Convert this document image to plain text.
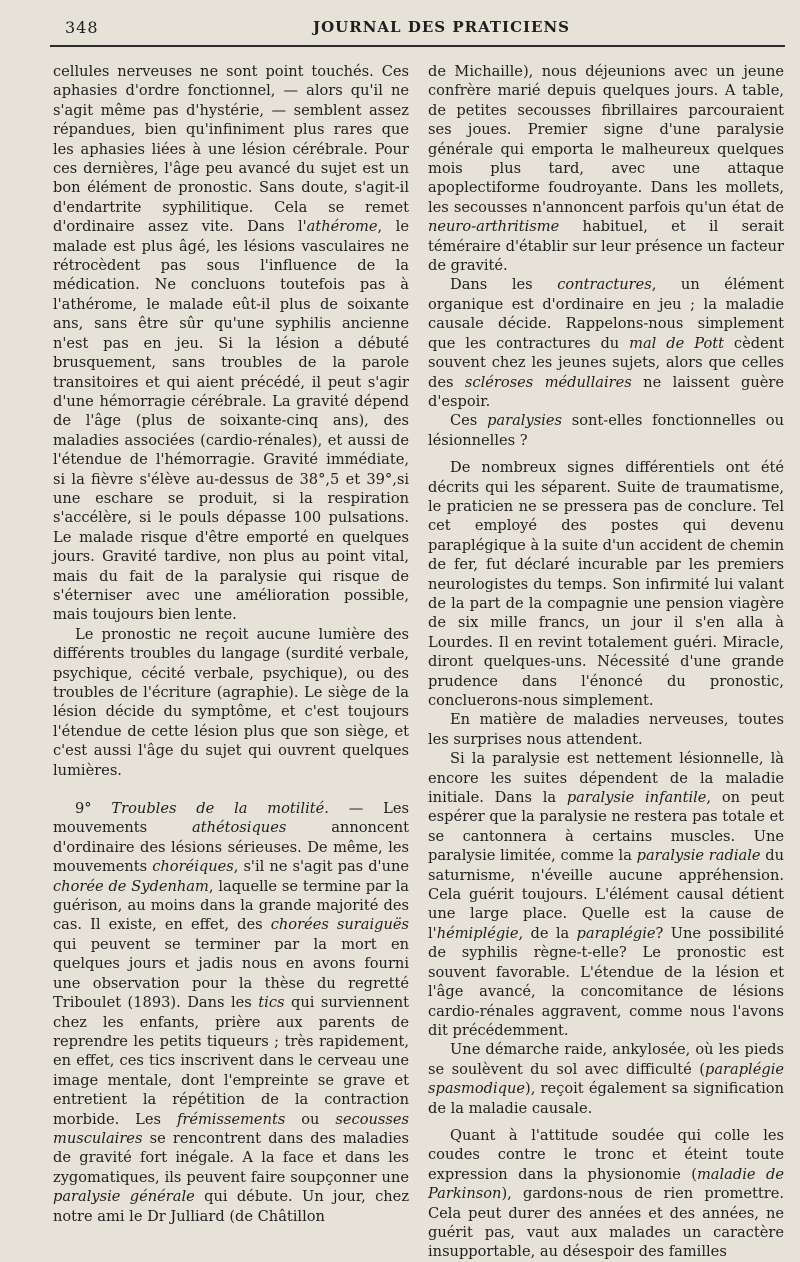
348	JOURNAL DES PRATICIENS

cellules nerveuses ne sont point touchés. Ces aphasies d'ordre fonctionnel, — alors qu'il ne s'agit même pas d'hystérie, — semblent assez répandues, bien qu'infiniment plus rares que les aphasies liées à une lésion cérébrale. Pour ces dernières, l'âge peu avancé du sujet est un bon élément de pronostic. Sans doute, s'agit-il d'endartrite syphilitique. Cela se remet d'ordinaire assez vite. Dans l'athérome, le malade est plus âgé, les lésions vasculaires ne rétrocèdent pas sous l'influence de la médication. Ne concluons toutefois pas à l'athérome, le malade eût-il plus de soixante ans, sans être sûr qu'une syphilis ancienne n'est pas en jeu. Si la lésion a débuté brusquement, sans troubles de la parole transitoires et qui aient précédé, il peut s'agir d'une hémorragie cérébrale. La gravité dépend de l'âge (plus de soixante-cinq ans), des maladies associées (cardio-rénales), et aussi de l'étendue de l'hémorragie. Gravité immédiate, si la fièvre s'élève au-dessus de 38°,5 et 39°,si une eschare se produit, si la respiration s'accélère, si le pouls dépasse 100 pulsations. Le malade risque d'être emporté en quelques jours. Gravité tardive, non plus au point vital, mais du fait de la paralysie qui risque de s'éterniser avec une amélioration possible, mais toujours bien lente.

Le pronostic ne reçoit aucune lumière des différents troubles du langage (surdité verbale, psychique, cécité verbale, psychique), ou des troubles de l'écriture (agraphie). Le siège de la lésion décide du symptôme, et c'est toujours l'étendue de cette lésion plus que son siège, et c'est aussi l'âge du sujet qui ouvrent quelques lumières.

9° Troubles de la motilité. — Les mouvements athétosiques annoncent d'ordinaire des lésions sérieuses. De même, les mouvements choréiques, s'il ne s'agit pas d'une chorée de Sydenham, laquelle se termine par la guérison, au moins dans la grande majorité des cas. Il existe, en effet, des chorées suraiguës qui peuvent se terminer par la mort en quelques jours et jadis nous en avons fourni une observation pour la thèse du regretté Triboulet (1893). Dans les tics qui surviennent chez les enfants, prière aux parents de reprendre les petits tiqueurs ; très rapidement, en effet, ces tics inscrivent dans le cerveau une image mentale, dont l'empreinte se grave et entretient la répétition de la contraction morbide. Les frémissements ou secousses musculaires se rencontrent dans des maladies de gravité fort inégale. A la face et dans les zygomatiques, ils peuvent faire soupçonner une paralysie générale qui débute. Un jour, chez notre ami le Dr Julliard (de Châtillon

de Michaille), nous déjeunions avec un jeune confrère marié depuis quelques jours. A table, de petites secousses fibrillaires parcouraient ses joues. Premier signe d'une paralysie générale qui emporta le malheureux quelques mois plus tard, avec une attaque apoplectiforme foudroyante. Dans les mollets, les secousses n'annoncent parfois qu'un état de neuro-arthritisme habituel, et il serait téméraire d'établir sur leur présence un facteur de gravité.

Dans les contractures, un élément organique est d'ordinaire en jeu ; la maladie causale décide. Rappelons-nous simplement que les contractures du mal de Pott cèdent souvent chez les jeunes sujets, alors que celles des scléroses médullaires ne laissent guère d'espoir.

Ces paralysies sont-elles fonctionnelles ou lésionnelles ?

De nombreux signes différentiels ont été décrits qui les séparent. Suite de traumatisme, le praticien ne se pressera pas de conclure. Tel cet employé des postes qui devenu paraplégique à la suite d'un accident de chemin de fer, fut déclaré incurable par les premiers neurologistes du temps. Son infirmité lui valant de la part de la compagnie une pension viagère de six mille francs, un jour il s'en alla à Lourdes. Il en revint totalement guéri. Miracle, diront quelques-uns. Nécessité d'une grande prudence dans l'énoncé du pronostic, concluerons-nous simplement.

En matière de maladies nerveuses, toutes les surprises nous attendent.

Si la paralysie est nettement lésionnelle, là encore les suites dépendent de la maladie initiale. Dans la paralysie infantile, on peut espérer que la paralysie ne restera pas totale et se cantonnera à certains muscles. Une paralysie limitée, comme la paralysie radiale du saturnisme, n'éveille aucune appréhension. Cela guérit toujours. L'élément causal détient une large place. Quelle est la cause de l'hémiplégie, de la paraplégie? Une possibilité de syphilis règne-t-elle? Le pronostic est souvent favorable. L'étendue de la lésion et l'âge avancé, la concomitance de lésions cardio-rénales aggravent, comme nous l'avons dit précédemment.

Une démarche raide, ankylosée, où les pieds se soulèvent du sol avec difficulté (paraplégie spasmodique), reçoit également sa signification de la maladie causale.

Quant à l'attitude soudée qui colle les coudes contre le tronc et éteint toute expression dans la physionomie (maladie de Parkinson), gardons-nous de rien promettre. Cela peut durer des années et des années, ne guérit pas, vaut aux malades un caractère insupportable, au désespoir des familles
